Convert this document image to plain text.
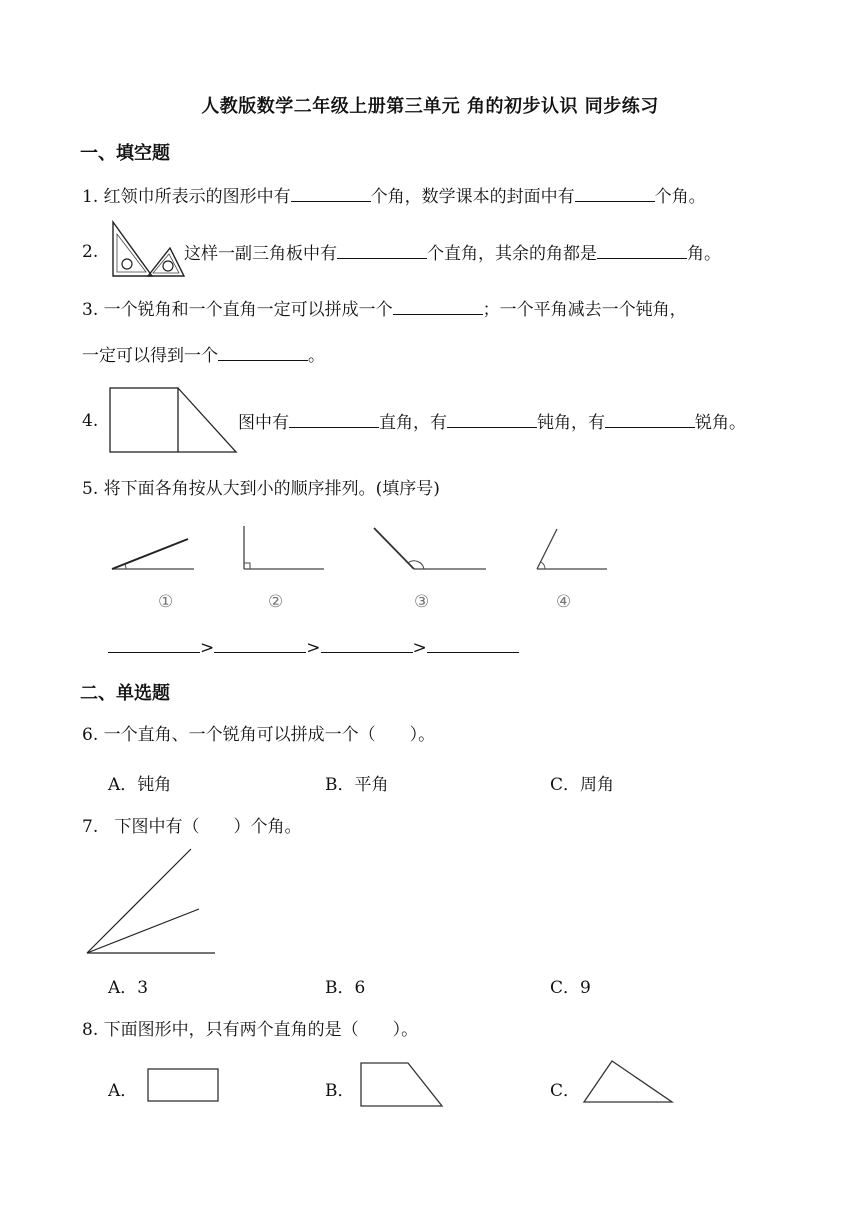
人教版数学二年级上册第三单元 角的初步认识 同步练习
一、填空题
1. 红领巾所表示的图形中有	个角，数学课本的封面中有	个角。
2.	这样一副三角板中有	个直角，其余的角都是	角。
3. 一个锐角和一个直角一定可以拼成一个	；一个平角减去一个钝角，
一定可以得到一个	。
4.	图中有	直角，有	钝角，有	锐角。
5. 将下面各角按从大到小的顺序排列。(填序号)
①	②	③	④
>	>	>
二、单选题
6. 一个直角、一个锐角可以拼成一个（　　）。
A．钝角	B．平角	C．周角
7. 下图中有（　　）个角。
A．3	B．6	C．9
8. 下面图形中，只有两个直角的是（　　）。
A．	B．	C．
